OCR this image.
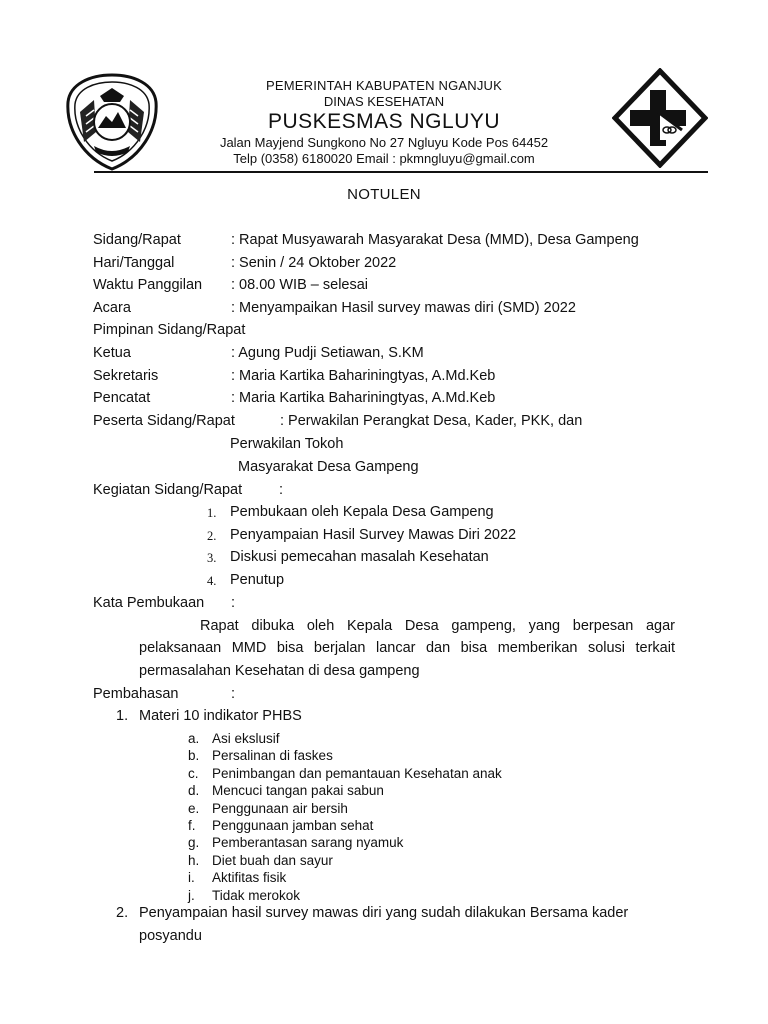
PEMERINTAH KABUPATEN NGANJUK
DINAS KESEHATAN
PUSKESMAS NGLUYU
Jalan Mayjend Sungkono No 27 Ngluyu Kode Pos 64452
Telp (0358) 6180020 Email : pkmngluyu@gmail.com
NOTULEN
Sidang/Rapat	: Rapat Musyawarah Masyarakat Desa (MMD), Desa Gampeng
Hari/Tanggal	: Senin / 24 Oktober 2022
Waktu Panggilan : 08.00 WIB – selesai
Acara	: Menyampaikan Hasil survey mawas diri (SMD) 2022
Pimpinan Sidang/Rapat
Ketua	: Agung Pudji Setiawan, S.KM
Sekretaris	: Maria Kartika Bahariningtyas, A.Md.Keb
Pencatat	: Maria Kartika Bahariningtyas, A.Md.Keb
Peserta Sidang/Rapat	: Perwakilan Perangkat Desa, Kader, PKK, dan
Perwakilan Tokoh
Masyarakat Desa Gampeng
Kegiatan Sidang/Rapat	:
1. Pembukaan oleh Kepala Desa Gampeng
2. Penyampaian Hasil Survey Mawas Diri 2022
3. Diskusi pemecahan masalah Kesehatan
4. Penutup
Kata Pembukaan :
Rapat dibuka oleh Kepala Desa gampeng, yang berpesan agar
pelaksanaan MMD bisa berjalan lancar dan bisa memberikan solusi terkait
permasalahan Kesehatan di desa gampeng
Pembahasan	:
1. Materi 10 indikator PHBS
a. Asi ekslusif
b. Persalinan di faskes
c. Penimbangan dan pemantauan Kesehatan anak
d. Mencuci tangan pakai sabun
e. Penggunaan air bersih
f. Penggunaan jamban sehat
g. Pemberantasan sarang nyamuk
h. Diet buah dan sayur
i. Aktifitas fisik
j. Tidak merokok
2. Penyampaian hasil survey mawas diri yang sudah dilakukan Bersama kader
posyandu
